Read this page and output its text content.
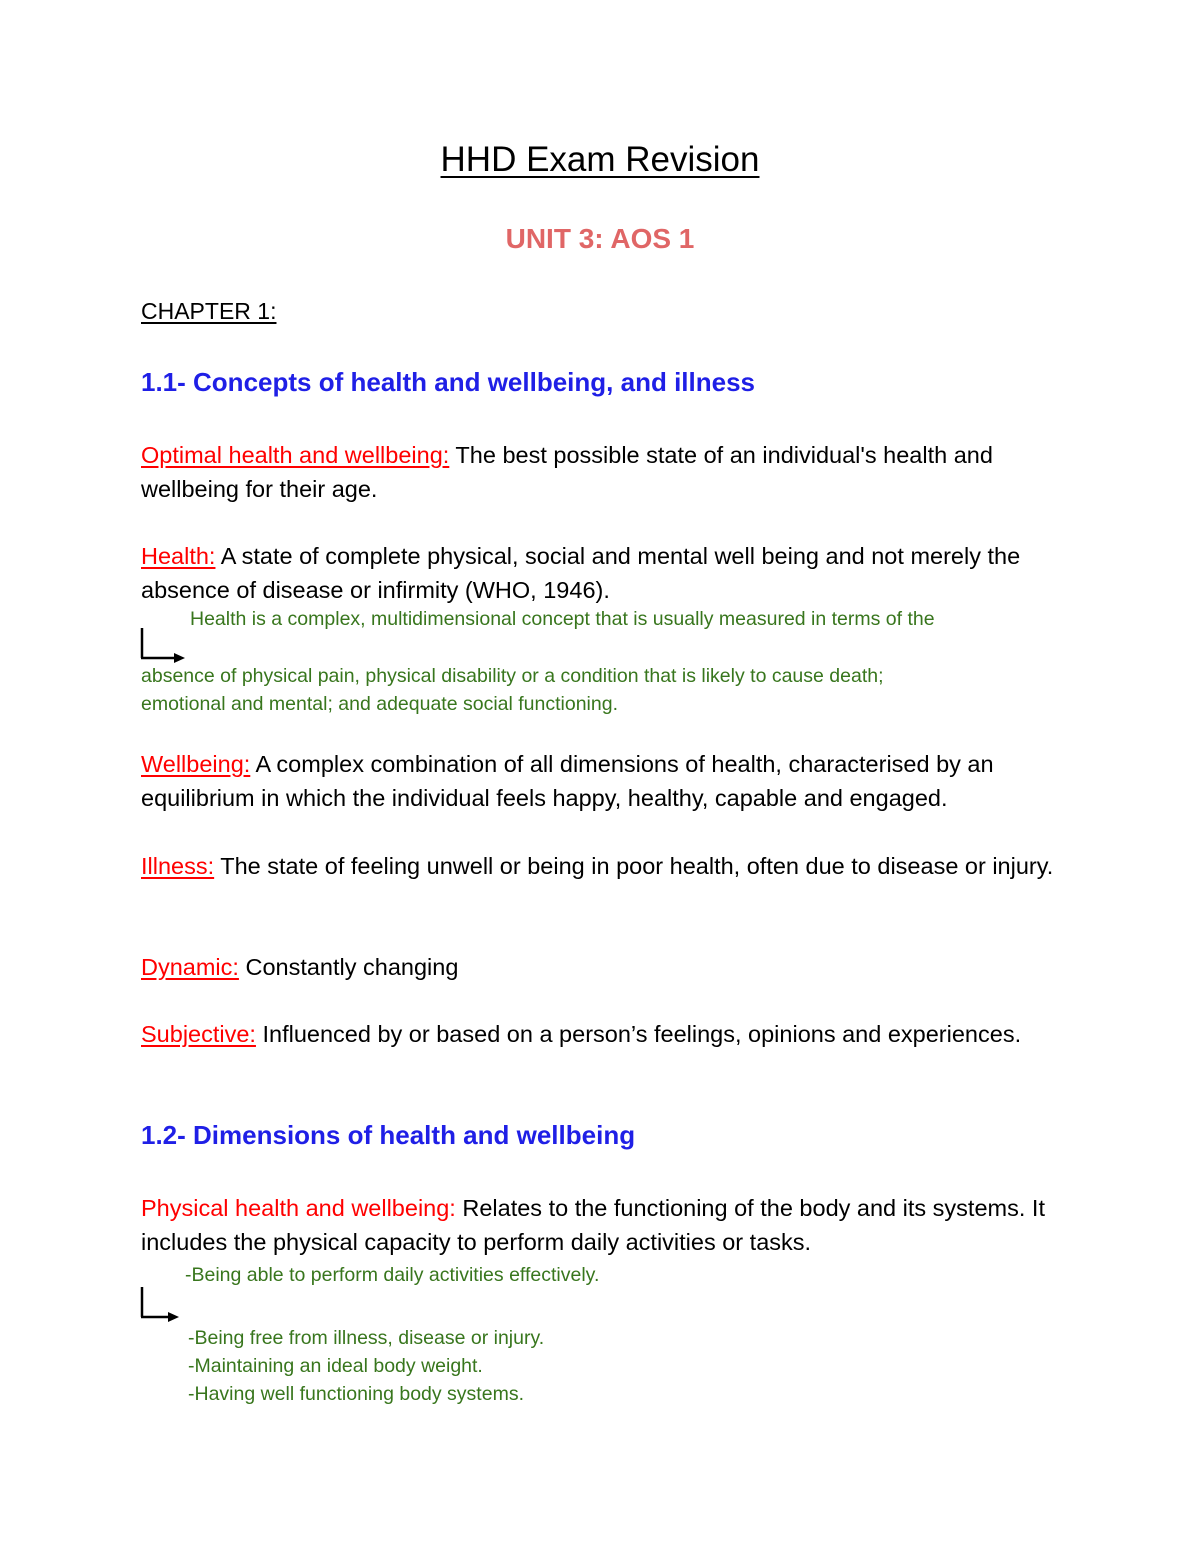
HHD Exam Revision
UNIT 3: AOS 1
CHAPTER 1:
1.1- Concepts of health and wellbeing, and illness
Optimal health and wellbeing: The best possible state of an individual's health and wellbeing for their age.
Health: A state of complete physical, social and mental well being and not merely the absence of disease or infirmity (WHO, 1946).
Health is a complex, multidimensional concept that is usually measured in terms of the
absence of physical pain, physical disability or a condition that is likely to cause death;
emotional and mental; and adequate social functioning.
Wellbeing: A complex combination of all dimensions of health, characterised by an equilibrium in which the individual feels happy, healthy, capable and engaged.
Illness: The state of feeling unwell or being in poor health, often due to disease or injury.
Dynamic: Constantly changing
Subjective: Influenced by or based on a person’s feelings, opinions and experiences.
1.2- Dimensions of health and wellbeing
Physical health and wellbeing: Relates to the functioning of the body and its systems. It includes the physical capacity to perform daily activities or tasks.
-Being able to perform daily activities effectively.
-Being free from illness, disease or injury.
-Maintaining an ideal body weight.
-Having well functioning body systems.
